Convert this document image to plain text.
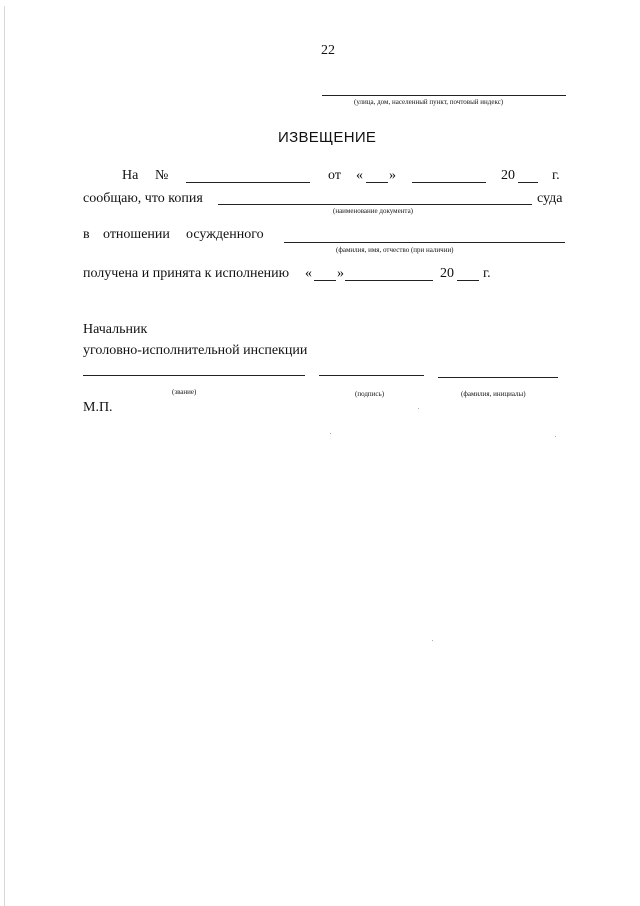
22
(улица, дом, населенный пункт, почтовый индекс)
ИЗВЕЩЕНИЕ
На №	от « »	20	г.
сообщаю, что копия	суда
(наименование документа)
в отношении осужденного
(фамилия, имя, отчество (при наличии)
получена и принята к исполнению « »	20 г.
Начальник
уголовно-исполнительной инспекции
(звание)	(подпись)	(фамилия, инициалы)
М.П.
